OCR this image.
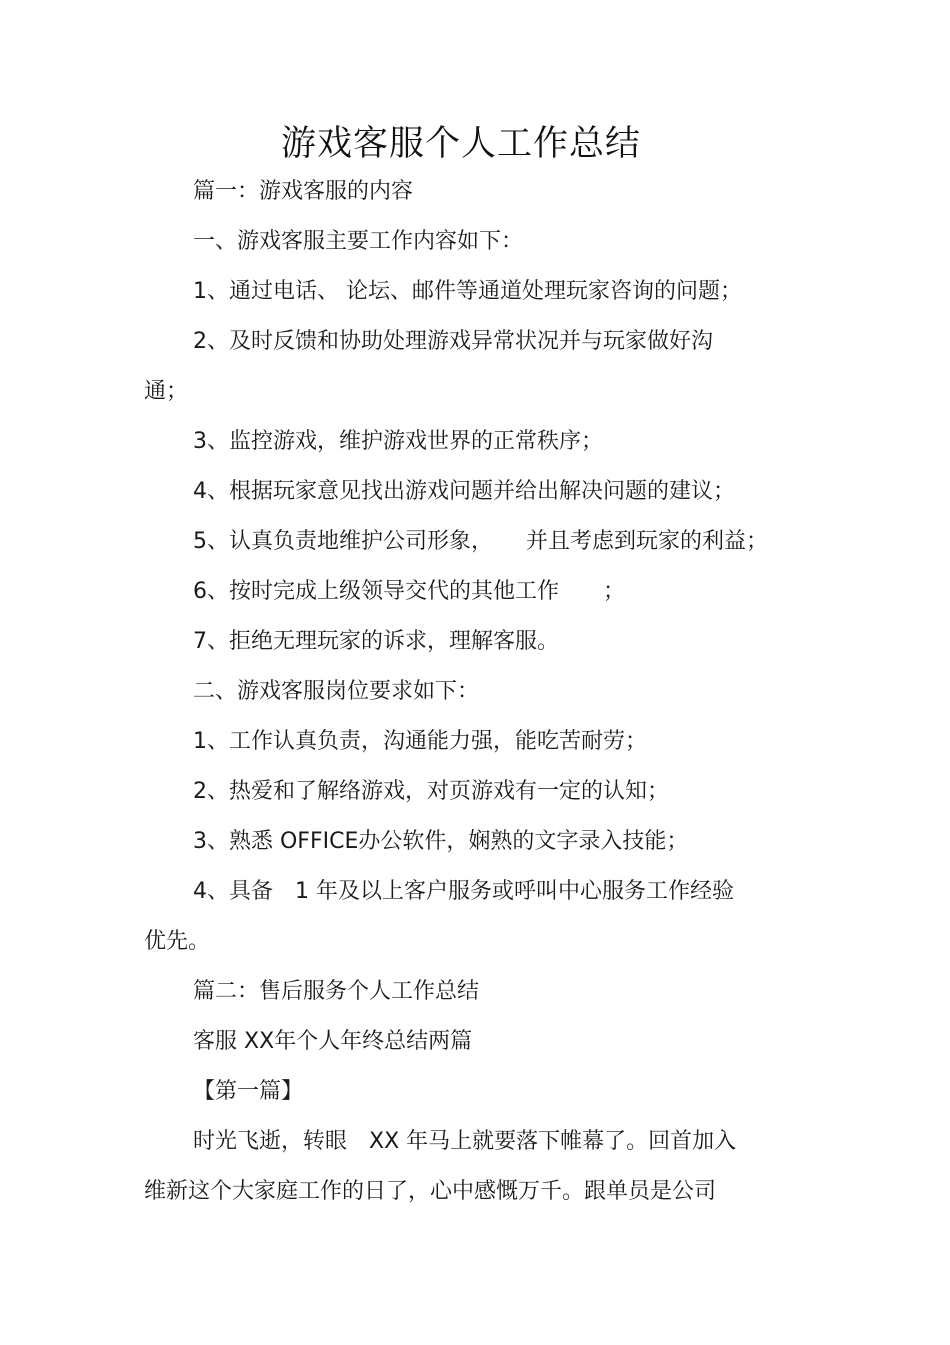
游戏客服个人工作总结
篇一：游戏客服的内容
一、游戏客服主要工作内容如下：
1、通过电话、 论坛、邮件等通道处理玩家咨询的问题；
2、及时反馈和协助处理游戏异常状况并与玩家做好沟
通；
3、监控游戏，维护游戏世界的正常秩序；
4、根据玩家意见找出游戏问题并给出解决问题的建议；
5、认真负责地维护公司形象，　　并且考虑到玩家的利益；
6、按时完成上级领导交代的其他工作　　；
7、拒绝无理玩家的诉求，理解客服。
二、游戏客服岗位要求如下：
1、工作认真负责，沟通能力强，能吃苦耐劳；
2、热爱和了解络游戏，对页游戏有一定的认知；
3、熟悉 OFFICE办公软件，娴熟的文字录入技能；
4、具备　1 年及以上客户服务或呼叫中心服务工作经验
优先。
篇二：售后服务个人工作总结
客服 XX年个人年终总结两篇
【第一篇】
时光飞逝，转眼　XX 年马上就要落下帷幕了。回首加入
维新这个大家庭工作的日了，心中感慨万千。跟单员是公司
